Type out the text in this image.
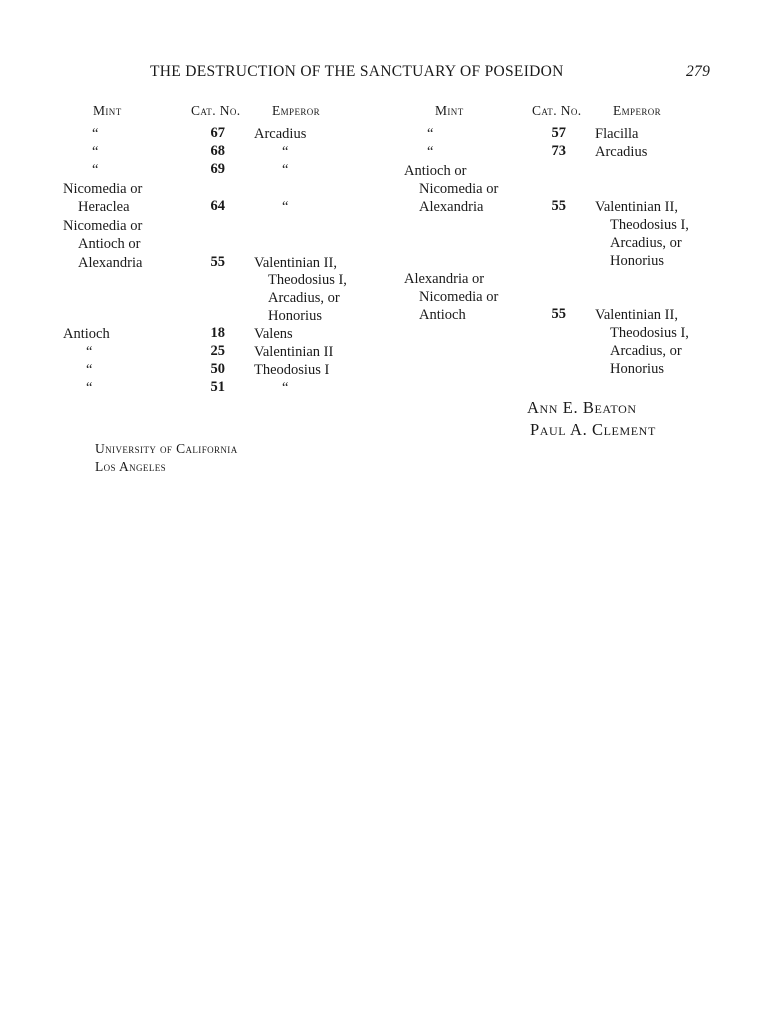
THE DESTRUCTION OF THE SANCTUARY OF POSEIDON	279
Mint	Cat. No. Emperor	Mint	Cat. No. Emperor
“	67 Arcadius
“	68	“
“	69	“
Nicomedia or
Heraclea	64	“
Nicomedia or
Antioch or
Alexandria	55 Valentinian II,
Theodosius I,
Arcadius, or
Honorius
Antioch	18 Valens
“	25 Valentinian II
“	50 Theodosius I
“	51	“
“	57 Flacilla
“	73 Arcadius
Antioch or
Nicomedia or
Alexandria	55 Valentinian II,
Theodosius I,
Arcadius, or
Honorius
Alexandria or
Nicomedia or
Antioch	55 Valentinian II,
Theodosius I,
Arcadius, or
Honorius
Ann E. Beaton
Paul A. Clement
University of California
Los Angeles
